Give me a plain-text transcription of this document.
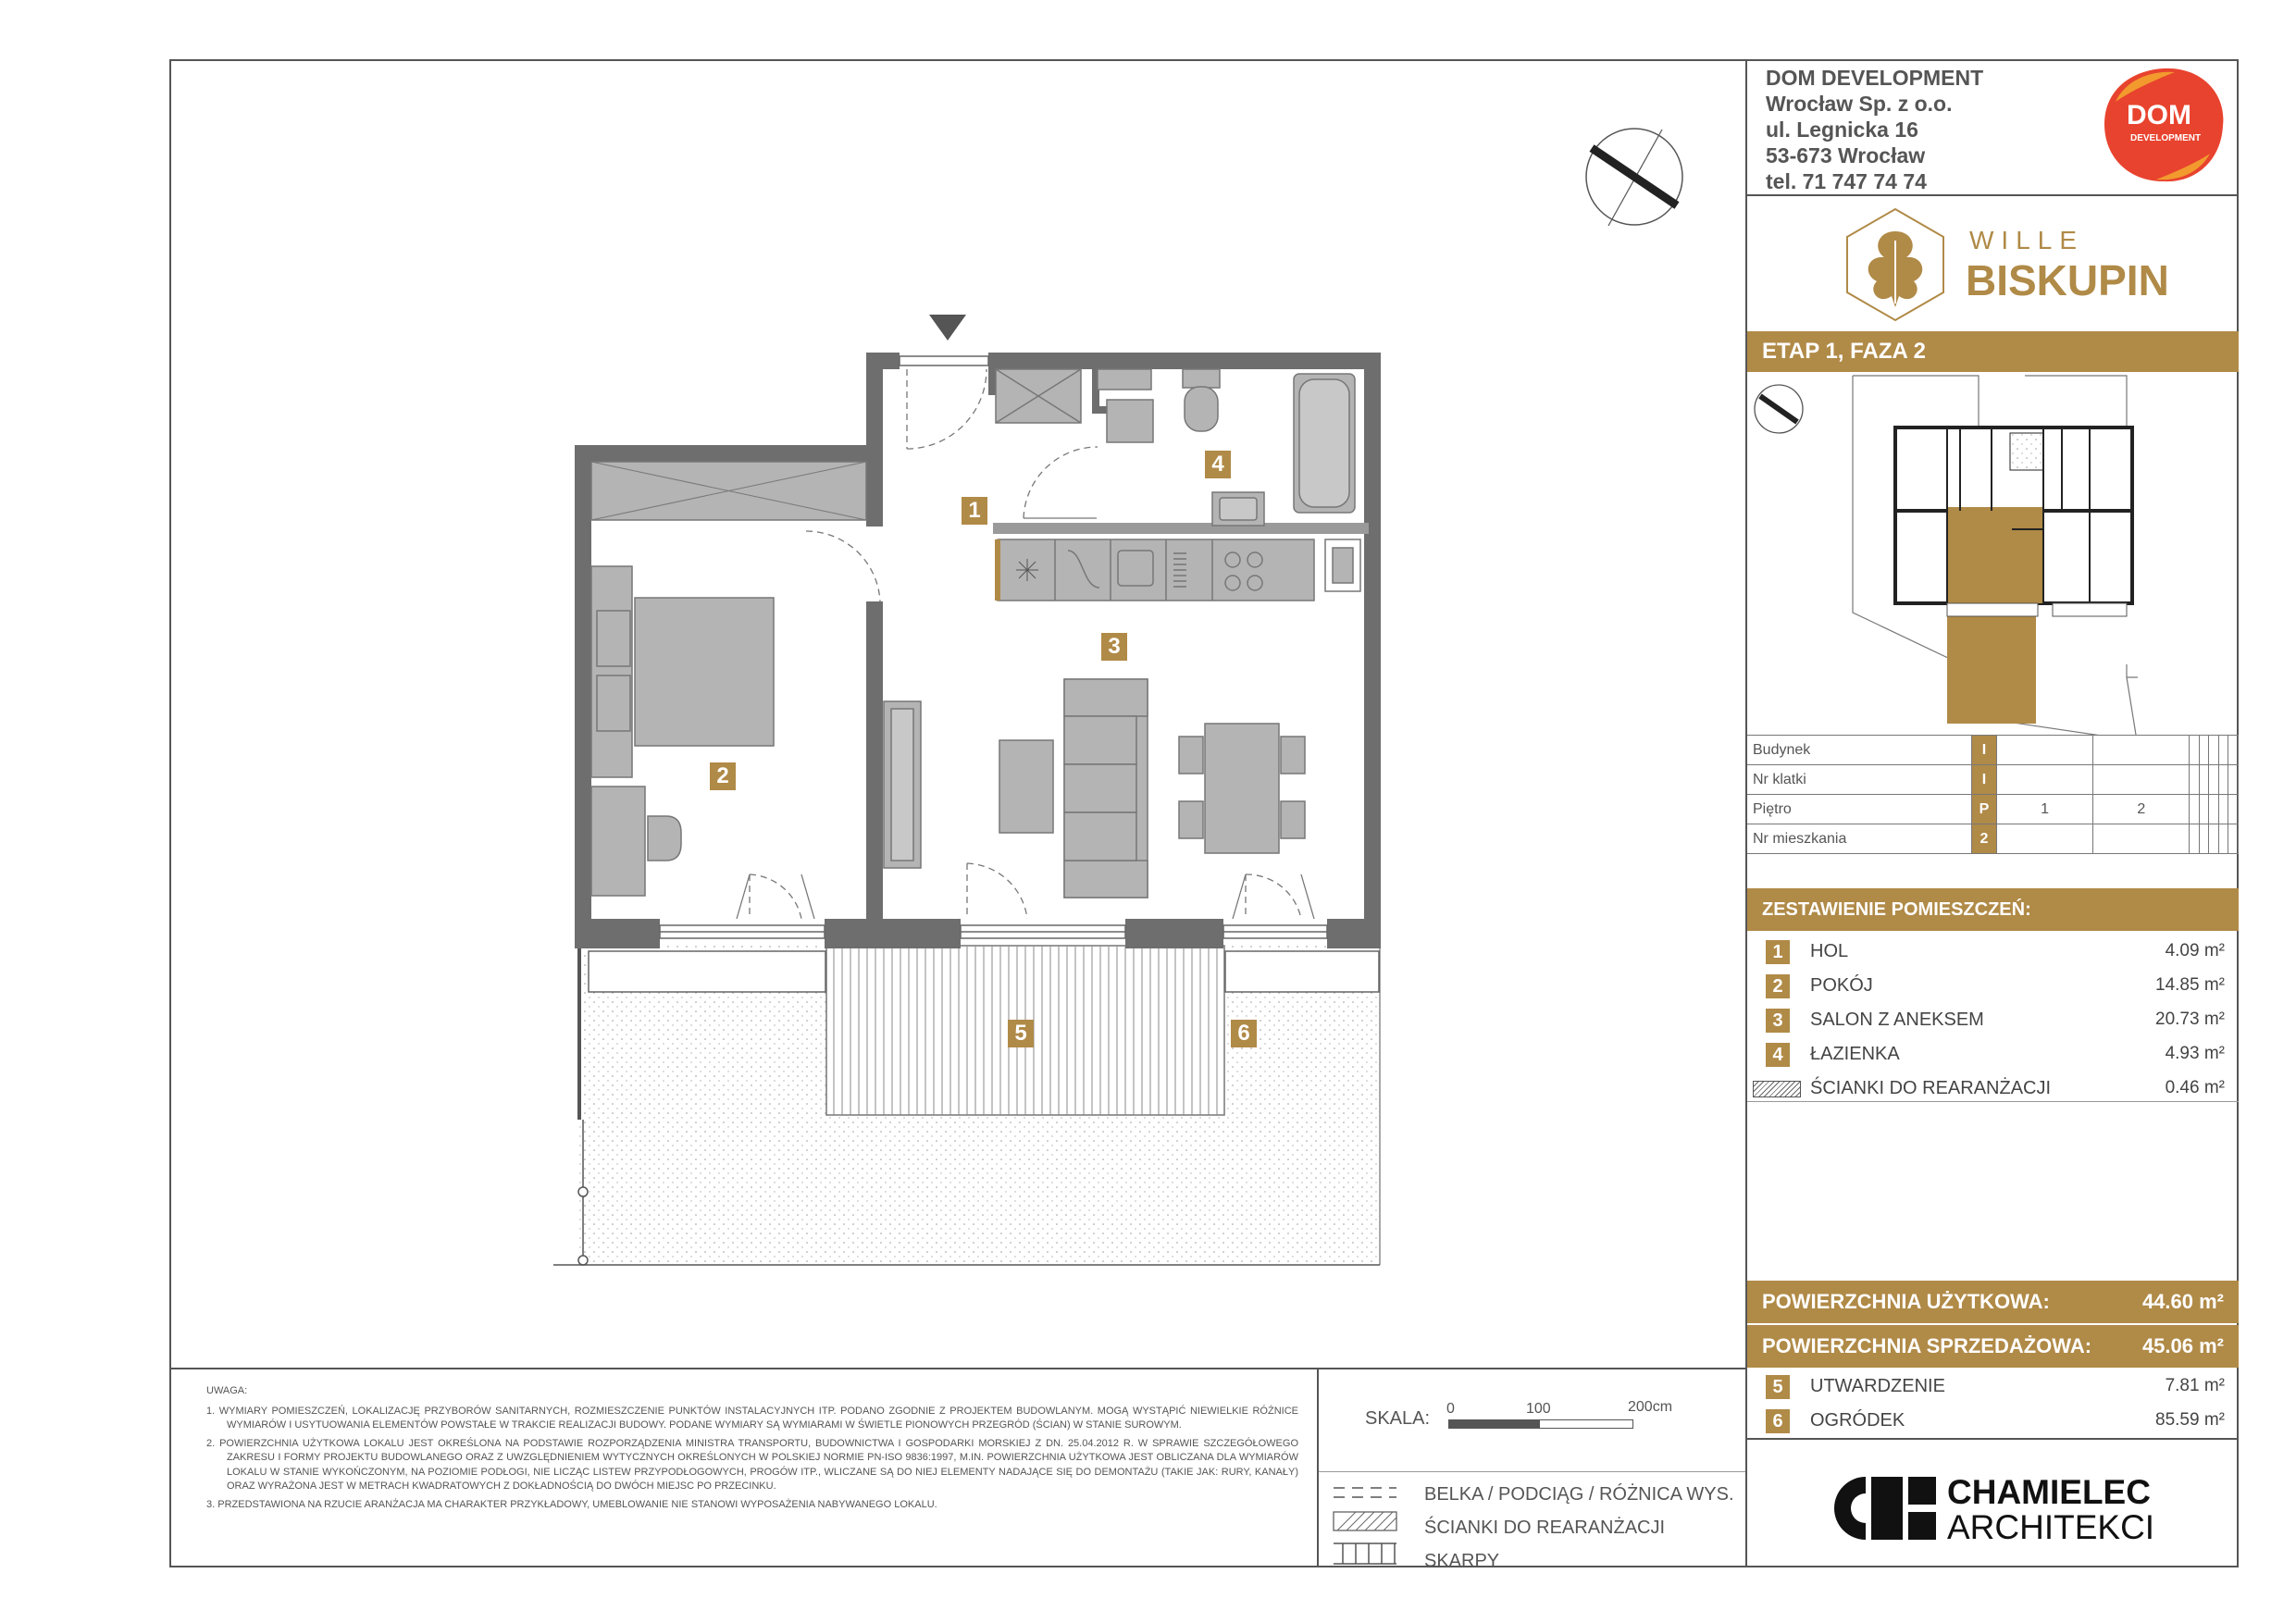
1
2
3
4
5	6
DOM DEVELOPMENT
Wrocław Sp. z o.o.
ul. Legnicka 16
53-673 Wrocław
tel. 71 747 74 74
DOM
DEVELOPMENT
WILLE
BISKUPIN
ETAP 1, FAZA 2
Budynek	I							
Nr klatki	I							
Piętro	P	1	2					
Nr mieszkania	2							
ZESTAWIENIE POMIESZCZEŃ:
1	HOL	4.09 m²
2	POKÓJ	14.85 m²
3	SALON Z ANEKSEM	20.73 m²
4	ŁAZIENKA	4.93 m²
ŚCIANKI DO REARANŻACJI	0.46 m²
POWIERZCHNIA UŻYTKOWA:	44.60 m²
POWIERZCHNIA SPRZEDAŻOWA: 45.06 m²
5	UTWARDZENIE	7.81 m²
6	OGRÓDEK	85.59 m²
CHAMIELEC
ARCHITEKCI
UWAGA:

1. WYMIARY POMIESZCZEŃ, LOKALIZACJĘ PRZYBORÓW SANITARNYCH, ROZMIESZCZENIE PUNKTÓW INSTALACYJNYCH ITP. PODANO ZGODNIE Z PROJEKTEM BUDOWLANYM. MOGĄ WYSTĄPIĆ NIEWIELKIE RÓŻNICE WYMIARÓW I USYTUOWANIA ELEMENTÓW POWSTAŁE W TRAKCIE REALIZACJI BUDOWY. PODANE WYMIARY SĄ WYMIARAMI W ŚWIETLE PIONOWYCH PRZEGRÓD (ŚCIAN) W STANIE SUROWYM.

2. POWIERZCHNIA UŻYTKOWA LOKALU JEST OKREŚLONA NA PODSTAWIE ROZPORZĄDZENIA MINISTRA TRANSPORTU, BUDOWNICTWA I GOSPODARKI MORSKIEJ Z DN. 25.04.2012 R. W SPRAWIE SZCZEGÓŁOWEGO ZAKRESU I FORMY PROJEKTU BUDOWLANEGO ORAZ Z UWZGLĘDNIENIEM WYTYCZNYCH OKREŚLONYCH W POLSKIEJ NORMIE PN-ISO 9836:1997, M.IN. POWIERZCHNIA UŻYTKOWA JEST OBLICZANA DLA WYMIARÓW LOKALU W STANIE WYKOŃCZONYM, NA POZIOMIE PODŁOGI, NIE LICZĄC LISTEW PRZYPODŁOGOWYCH, PROGÓW ITP., WLICZANE SĄ DO NIEJ ELEMENTY NADAJĄCE SIĘ DO DEMONTAŻU (TAKIE JAK: RURY, KANAŁY) ORAZ WYRAŻONA JEST W METRACH KWADRATOWYCH Z DOKŁADNOŚCIĄ DO DWÓCH MIEJSC PO PRZECINKU.

3. PRZEDSTAWIONA NA RZUCIE ARANŻACJA MA CHARAKTER PRZYKŁADOWY, UMEBLOWANIE NIE STANOWI WYPOSAŻENIA NABYWANEGO LOKALU.

SKALA: 0	100	200cm
BELKA / PODCIĄG / RÓŻNICA WYS.
ŚCIANKI DO REARANŻACJI
SKARPY
